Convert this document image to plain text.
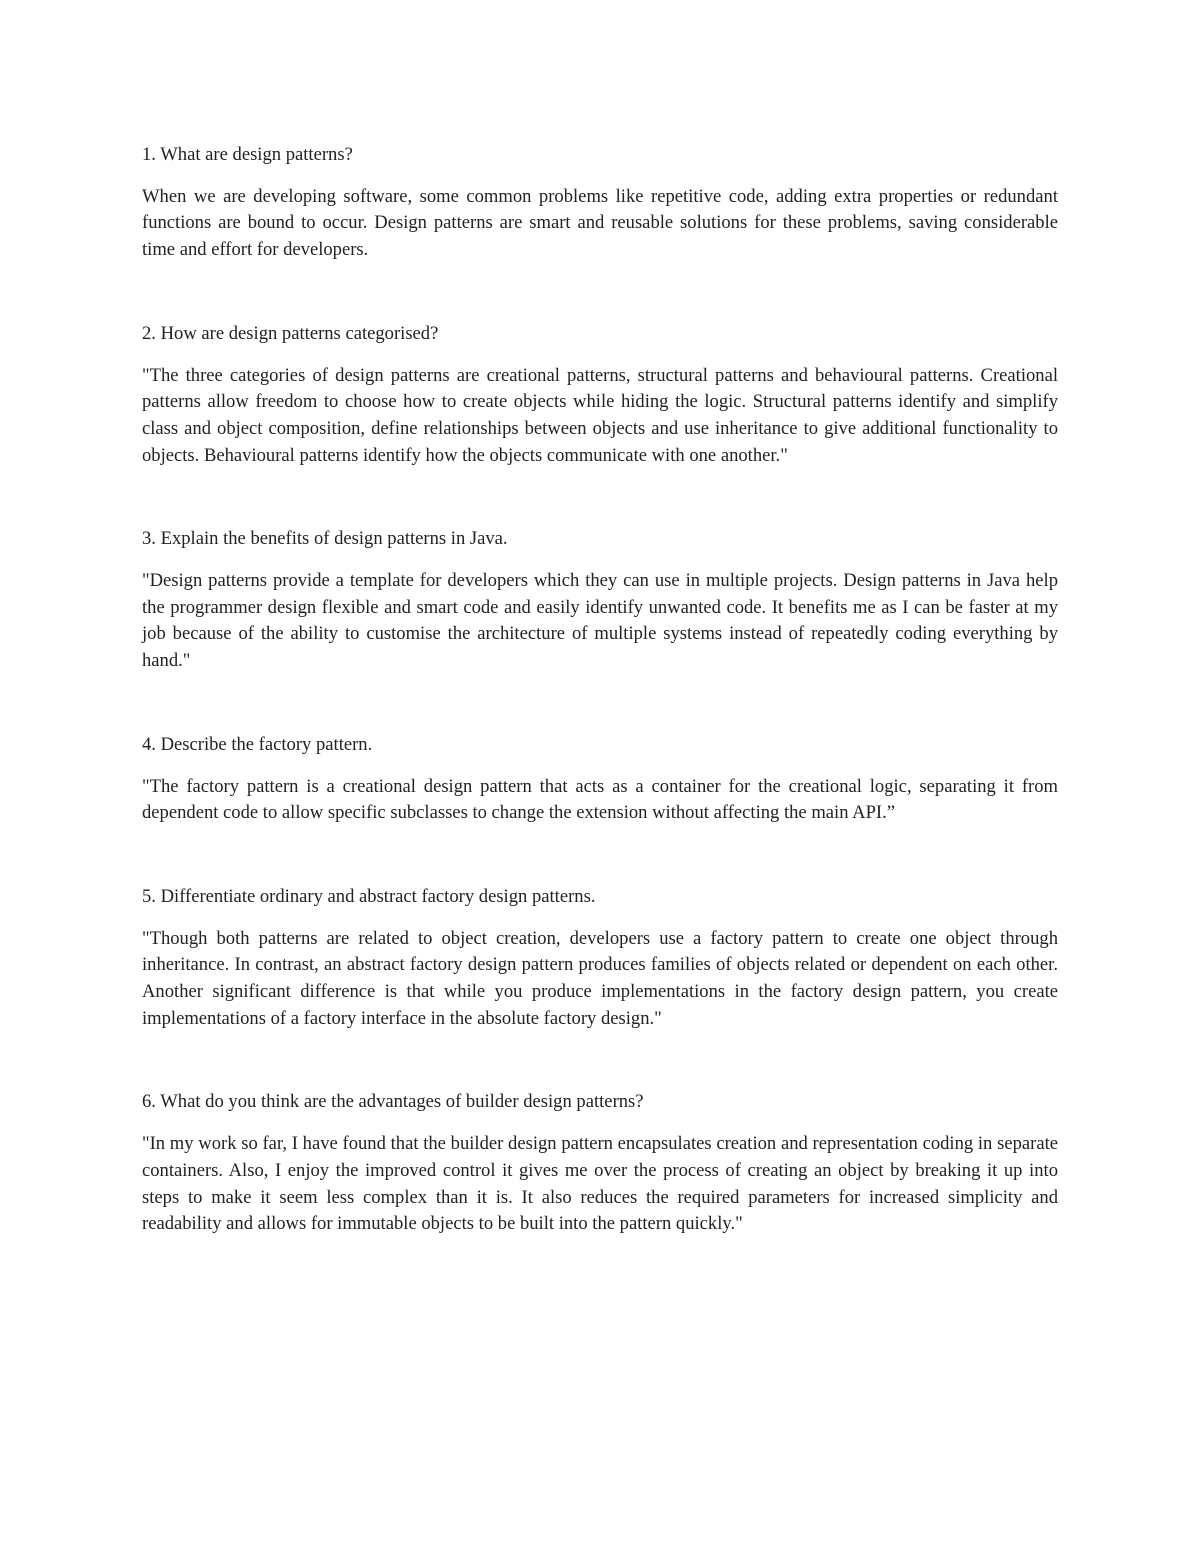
1. What are design patterns?

When we are developing software, some common problems like repetitive code, adding extra properties or redundant functions are bound to occur. Design patterns are smart and reusable solutions for these problems, saving considerable time and effort for developers.

2. How are design patterns categorised?

"The three categories of design patterns are creational patterns, structural patterns and behavioural patterns. Creational patterns allow freedom to choose how to create objects while hiding the logic. Structural patterns identify and simplify class and object composition, define relationships between objects and use inheritance to give additional functionality to objects. Behavioural patterns identify how the objects communicate with one another."

3. Explain the benefits of design patterns in Java.

"Design patterns provide a template for developers which they can use in multiple projects. Design patterns in Java help the programmer design flexible and smart code and easily identify unwanted code. It benefits me as I can be faster at my job because of the ability to customise the architecture of multiple systems instead of repeatedly coding everything by hand."

4. Describe the factory pattern.

"The factory pattern is a creational design pattern that acts as a container for the creational logic, separating it from dependent code to allow specific subclasses to change the extension without affecting the main API.”

5. Differentiate ordinary and abstract factory design patterns.

"Though both patterns are related to object creation, developers use a factory pattern to create one object through inheritance. In contrast, an abstract factory design pattern produces families of objects related or dependent on each other. Another significant difference is that while you produce implementations in the factory design pattern, you create implementations of a factory interface in the absolute factory design."

6. What do you think are the advantages of builder design patterns?

"In my work so far, I have found that the builder design pattern encapsulates creation and representation coding in separate containers. Also, I enjoy the improved control it gives me over the process of creating an object by breaking it up into steps to make it seem less complex than it is. It also reduces the required parameters for increased simplicity and readability and allows for immutable objects to be built into the pattern quickly."
